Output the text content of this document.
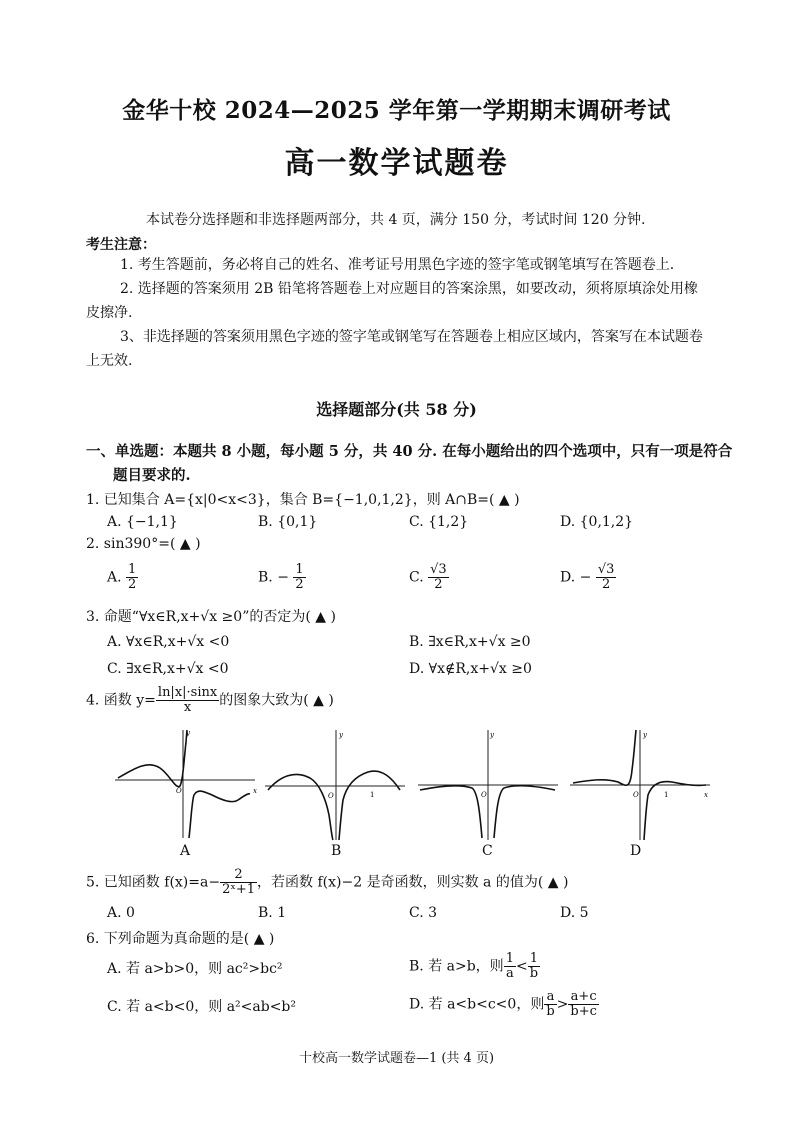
金华十校 2024—2025 学年第一学期期末调研考试
高一数学试题卷
本试卷分选择题和非选择题两部分，共 4 页，满分 150 分，考试时间 120 分钟.
考生注意：
1. 考生答题前，务必将自己的姓名、准考证号用黑色字迹的签字笔或钢笔填写在答题卷上.
2. 选择题的答案须用 2B 铅笔将答题卷上对应题目的答案涂黑，如要改动，须将原填涂处用橡皮擦净.
3、非选择题的答案须用黑色字迹的签字笔或钢笔写在答题卷上相应区域内，答案写在本试题卷上无效.
选择题部分(共 58 分)
一、单选题：本题共 8 小题，每小题 5 分，共 40 分. 在每小题给出的四个选项中，只有一项是符合题目要求的.
1. 已知集合 A={x|0<x<3}，集合 B={−1,0,1,2}，则 A∩B=( ▲ )
A. {−1,1}	B. {0,1}	C. {1,2}	D. {0,1,2}
2. sin390°=( ▲ )
A. $\frac{1}{2}$	B. − $\frac{1}{2}$	C. $\frac{√3}{2}$	D. − $\frac{√3}{2}$
3. 命题“∀x∈R,x+√x ≥0”的否定为( ▲ )
A. ∀x∈R,x+√x <0	B. ∃x∈R,x+√x ≥0
C. ∃x∈R,x+√x <0	D. ∀x∉R,x+√x ≥0
4. 函数 $y= \frac{\ln|x|\cdot\sin x}{x}$ 的图象大致为( ▲ )
O	x
y
O	1
y
O
y
O	1	x
y
A	B	C	D
5. 已知函数 $f(x)=a- \frac{2}{\text{2ˣ+1}}$ ，若函数 f(x)−2 是奇函数，则实数 a 的值为( ▲ )
A. 0	B. 1	C. 3	D. 5
6. 下列命题为真命题的是( ▲ )
A. 若 a>b>0，则 ac²>bc²	B. 若 a>b，则 $\frac{1}{a} < \frac{1}{b}$
C. 若 a<b<0，则 a²<ab<b²	D. 若 a<b<c<0，则 $\frac{a}{b} > \frac{a+c}{b+c}$
十校高一数学试题卷—1 (共 4 页)
